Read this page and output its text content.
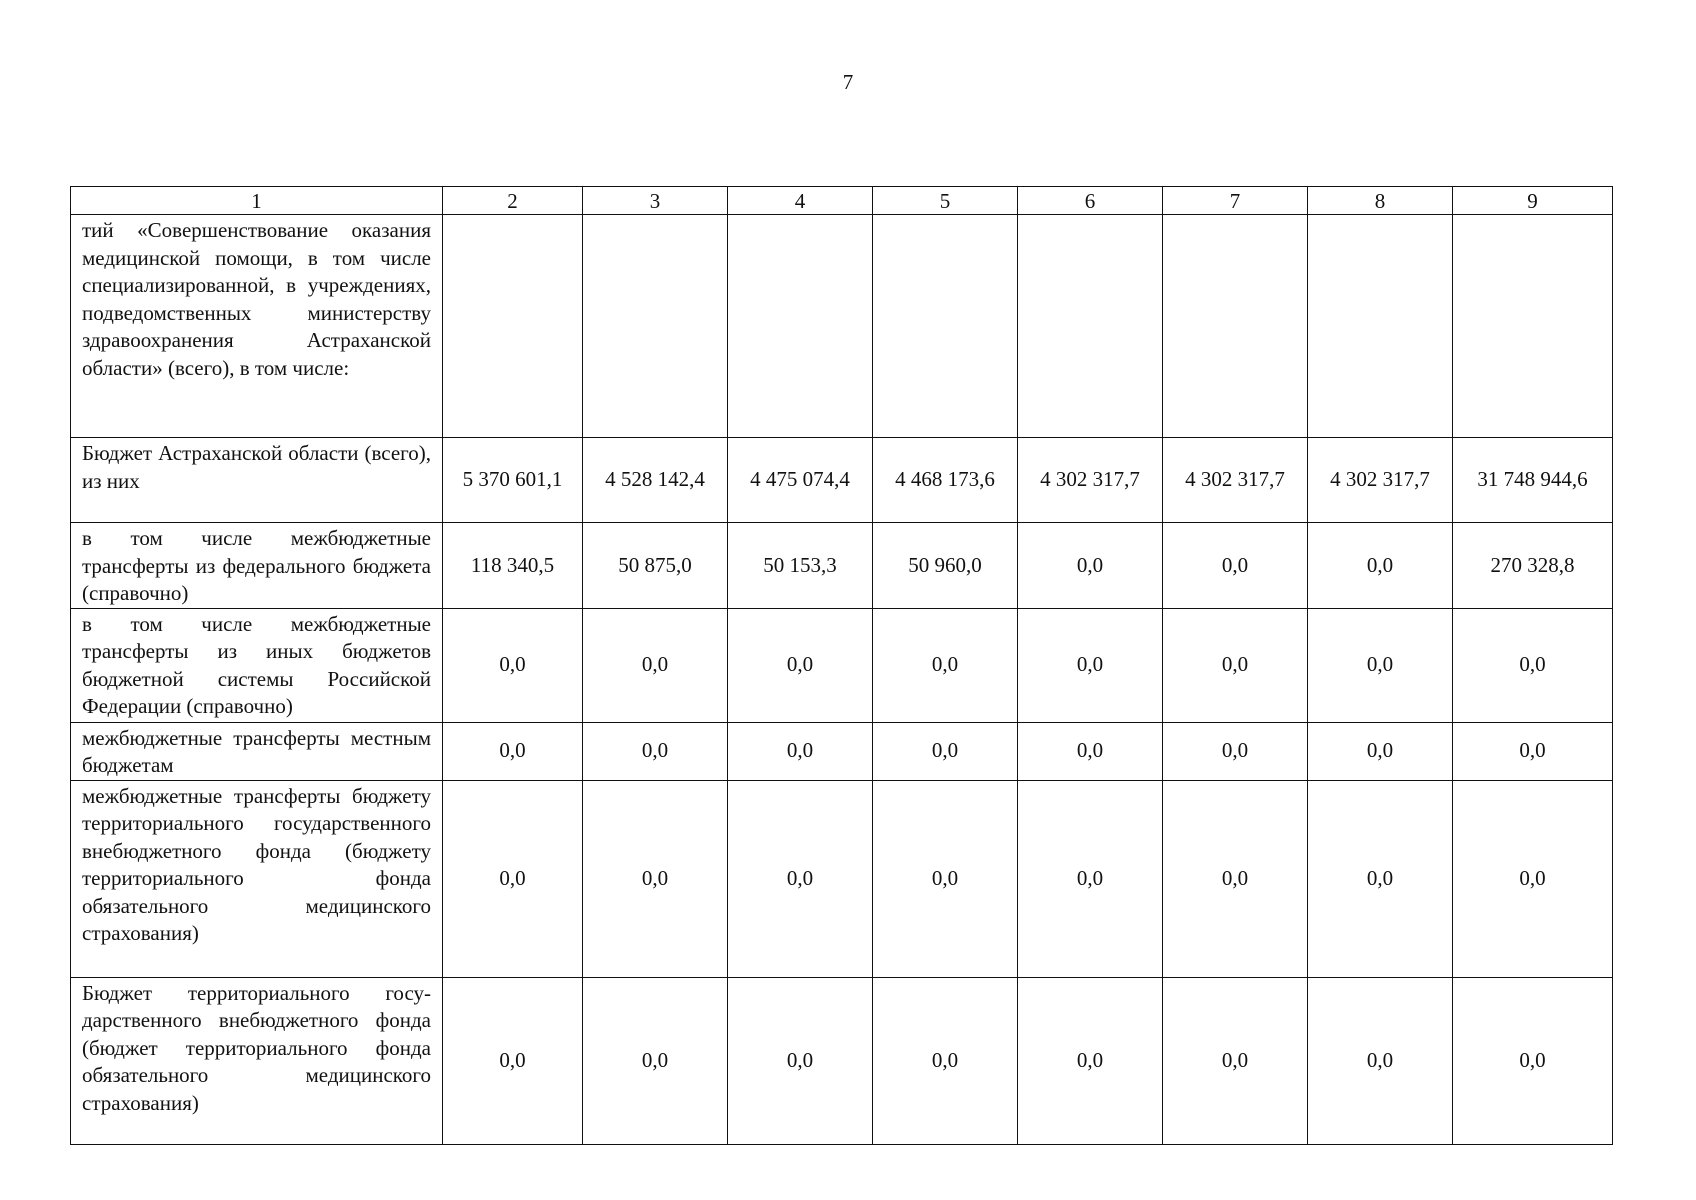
7
1	2	3	4	5	6	7	8	9
тий «Совершенствование оказания медицинской помощи, в том числе специализированной, в учреждениях, подведомственных министерству здравоохранения Астраханской области» (всего), в том числе:								
Бюджет Астраханской области (всего), из них	5 370 601,1	4 528 142,4	4 475 074,4	4 468 173,6	4 302 317,7	4 302 317,7	4 302 317,7	31 748 944,6
в том числе межбюджетные трансферты из федерального бюджета (справочно)	118 340,5	50 875,0	50 153,3	50 960,0	0,0	0,0	0,0	270 328,8
в том числе межбюджетные трансферты из иных бюджетов бюджетной системы Российской Федерации (справочно)	0,0	0,0	0,0	0,0	0,0	0,0	0,0	0,0
межбюджетные трансферты местным бюджетам	0,0	0,0	0,0	0,0	0,0	0,0	0,0	0,0
межбюджетные трансферты бюджету территориального государственного внебюджетного фонда (бюджету территориального фонда обязательного медицинского страхования)	0,0	0,0	0,0	0,0	0,0	0,0	0,0	0,0
Бюджет территориального государственного внебюджетного фонда (бюджет территориального фонда обязательного медицинского страхования)	0,0	0,0	0,0	0,0	0,0	0,0	0,0	0,0
